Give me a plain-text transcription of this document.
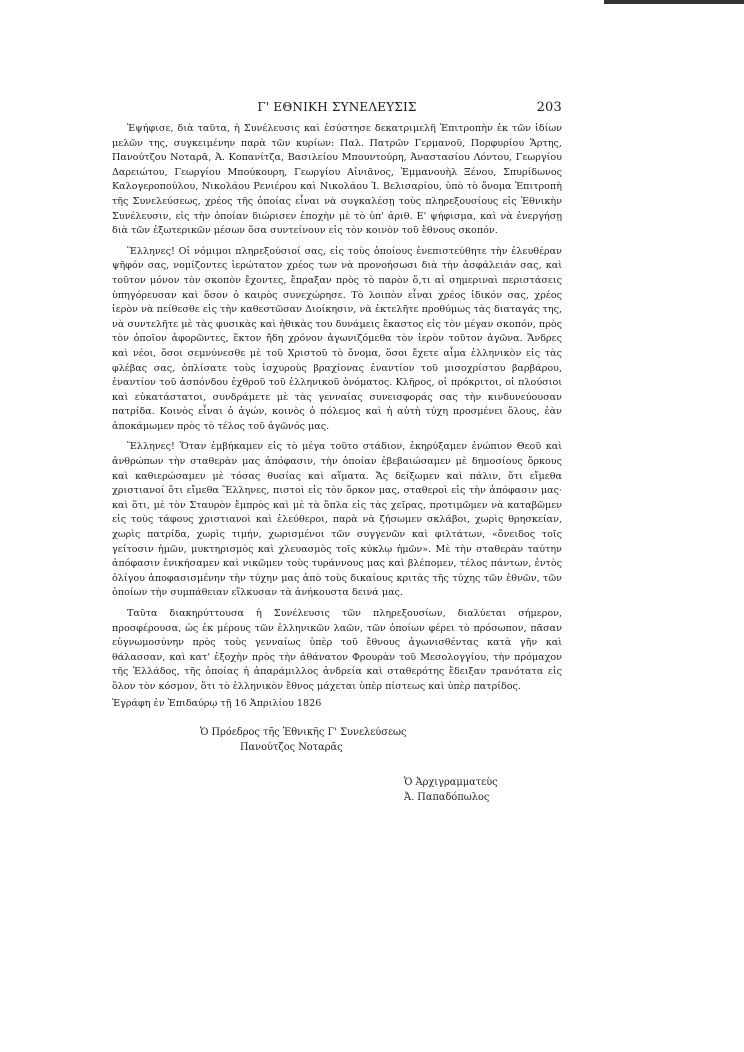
Γ' ΕΘΝΙΚΗ ΣΥΝΕΛΕΥΣΙΣ	203

Ἐψήφισε, διὰ ταῦτα, ἡ Συνέλευσις καὶ ἐσύστησε δεκατριμελῆ Ἐπιτροπὴν ἐκ τῶν ἰδίων μελῶν της, συγκειμένην παρὰ τῶν κυρίων: Παλ. Πατρῶν Γερμανοῦ, Πορφυρίου Ἄρτης, Πανούτζου Νοταρᾶ, Ἀ. Κοπανίτζα, Βασιλείου Μπουντούρη, Ἀναστασίου Λόντου, Γεωργίου Δαρειώτου, Γεωργίου Μπούκουρη, Γεωργίου Αἰνιᾶνος, Ἐμμανουὴλ Ξένου, Σπυρίδωνος Καλογεροπούλου, Νικολάου Ρενιέρου καὶ Νικολάου Ἰ. Βελισαρίου, ὑπὸ τὸ ὄνομα Ἐπιτροπὴ τῆς Συνελεύσεως, χρέος τῆς ὁποίας εἶναι νὰ συγκαλέσῃ τοὺς πληρεξουσίους εἰς Ἐθνικὴν Συνέλευσιν, εἰς τὴν ὁποίαν διώρισεν ἐποχὴν μὲ τὸ ὑπ' ἀριθ. Ε' ψήφισμα, καὶ νὰ ἐνεργήσῃ διὰ τῶν ἐξωτερικῶν μέσων ὅσα συντείνουν εἰς τὸν κοινὸν τοῦ ἔθνους σκοπόν.

Ἕλληνες! Οἱ νόμιμοι πληρεξούσιοί σας, εἰς τοὺς ὁποίους ἐνεπιστεύθητε τὴν ἐλευθέραν ψῆφόν σας, νομίζοντες ἱερώτατον χρέος των νὰ προνοήσωσι διὰ τὴν ἀσφάλειάν σας, καὶ τοῦτον μόνον τὸν σκοπὸν ἔχοντες, ἔπραξαν πρὸς τὸ παρὸν ὅ,τι αἱ σημεριναὶ περιστάσεις ὑπηγόρευσαν καὶ ὅσον ὁ καιρὸς συνεχώρησε. Τὸ λοιπὸν εἶναι χρέος ἰδικόν σας, χρέος ἱερὸν νὰ πείθεσθε εἰς τὴν καθεστῶσαν Διοίκησιν, νὰ ἐκτελῆτε προθύμως τὰς διαταγάς της, νὰ συντελῆτε μὲ τὰς φυσικὰς καὶ ἠθικὰς του δυνάμεις ἕκαστος εἰς τὸν μέγαν σκοπόν, πρὸς τὸν ὁποῖον ἀφορῶντες, ἕκτον ἤδη χρόνον ἀγωνιζόμεθα τὸν ἱερὸν τοῦτον ἀγῶνα. Ἄνδρες καὶ νέοι, ὅσοι σεμνύνεσθε μὲ τοῦ Χριστοῦ τὸ ὄνομα, ὅσοι ἔχετε αἷμα ἑλληνικὸν εἰς τὰς φλέβας σας, ὁπλίσατε τοὺς ἰσχυροὺς βραχίονας ἐναντίον τοῦ μισοχρίστου βαρβάρου, ἐναντίον τοῦ ἀσπόνδου ἐχθροῦ τοῦ ἑλληνικοῦ ὀνόματος. Κλῆρος, οἱ πρόκριτοι, οἱ πλούσιοι καὶ εὐκατάστατοι, συνδράμετε μὲ τὰς γενναίας συνεισφοράς σας τὴν κινδυνεύουσαν πατρίδα. Κοινὸς εἶναι ὁ ἀγών, κοινὸς ὁ πόλεμος καὶ ἡ αὐτὴ τύχη προσμένει ὅλους, ἐὰν ἀποκάμωμεν πρὸς τὸ τέλος τοῦ ἀγῶνός μας.

Ἕλληνες! Ὅταν ἐμβήκαμεν εἰς τὸ μέγα τοῦτο στάδιον, ἐκηρύξαμεν ἐνώπιον Θεοῦ καὶ ἀνθρώπων τὴν σταθερὰν μας ἀπόφασιν, τὴν ὁποίαν ἐβεβαιώσαμεν μὲ δημοσίους ὅρκους καὶ καθιερώσαμεν μὲ τόσας θυσίας καὶ αἵματα. Ἄς δείξωμεν καὶ πάλιν, ὅτι εἴμεθα χριστιανοί ὅτι εἴμεθα Ἕλληνες, πιστοὶ εἰς τὸν ὅρκον μας, σταθεροὶ εἰς τὴν ἀπόφασιν μας· καὶ ὅτι, μὲ τὸν Σταυρὸν ἔμπρὸς καὶ μὲ τὰ ὅπλα εἰς τὰς χεῖρας, προτιμῶμεν νὰ καταβῶμεν εἰς τοὺς τάφους χριστιανοὶ καὶ ἐλεύθεροι, παρὰ νὰ ζήσωμεν σκλάβοι, χωρὶς θρησκείαν, χωρὶς πατρίδα, χωρὶς τιμήν, χωρισμένοι τῶν συγγενῶν καὶ φιλτάτων, «ὄνειδος τοῖς γείτοσιν ἡμῶν, μυκτηρισμὸς καὶ χλευασμὸς τοῖς κύκλῳ ἡμῶν». Μὲ τὴν σταθερὰν ταύτην ἀπόφασιν ἐνικήσαμεν καὶ νικῶμεν τοὺς τυράννους μας καὶ βλέπομεν, τέλος πάντων, ἐντὸς ὀλίγου ἀποφασισμένην τὴν τύχην μας ἀπὸ τοὺς δικαίους κριτὰς τῆς τύχης τῶν ἐθνῶν, τῶν ὁποίων τὴν συμπάθειαν εἵλκυσαν τὰ ἀνήκουστα δεινά μας.

Ταῦτα διακηρύττουσα ἡ Συνέλευσις τῶν πληρεξουσίων, διαλύεται σήμερον, προσφέρουσα, ὡς ἐκ μέρους τῶν ἑλληνικῶν λαῶν, τῶν ὁποίων φέρει τὸ πρόσωπον, πᾶσαν εὐγνωμοσύνην πρὸς τοὺς γενναίως ὑπὲρ τοῦ ἔθνους ἀγωνισθέντας κατὰ γῆν καὶ θάλασσαν, καὶ κατ' ἐξοχὴν πρὸς τὴν ἀθάνατον Φρουρὰν τοῦ Μεσολογγίου, τὴν πρόμαχον τῆς Ἑλλάδος, τῆς ὁποίας ἡ ἀπαράμιλλος ἀνδρεία καὶ σταθερότης ἔδειξαν τρανότατα εἰς ὅλον τὸν κόσμον, ὅτι τὸ ἑλληνικὸν ἔθνος μάχεται ὑπὲρ πίστεως καὶ ὑπὲρ πατρίδος.

Ἐγράφη ἐν Ἐπιδαύρῳ τῇ 16 Ἀπριλίου 1826

Ὁ Πρόεδρος τῆς Ἐθνικῆς Γ' Συνελεύσεως
Πανούτζος Νοταρᾶς
Ὁ Ἀρχιγραμματεὺς
Ἀ. Παπαδόπωλος
